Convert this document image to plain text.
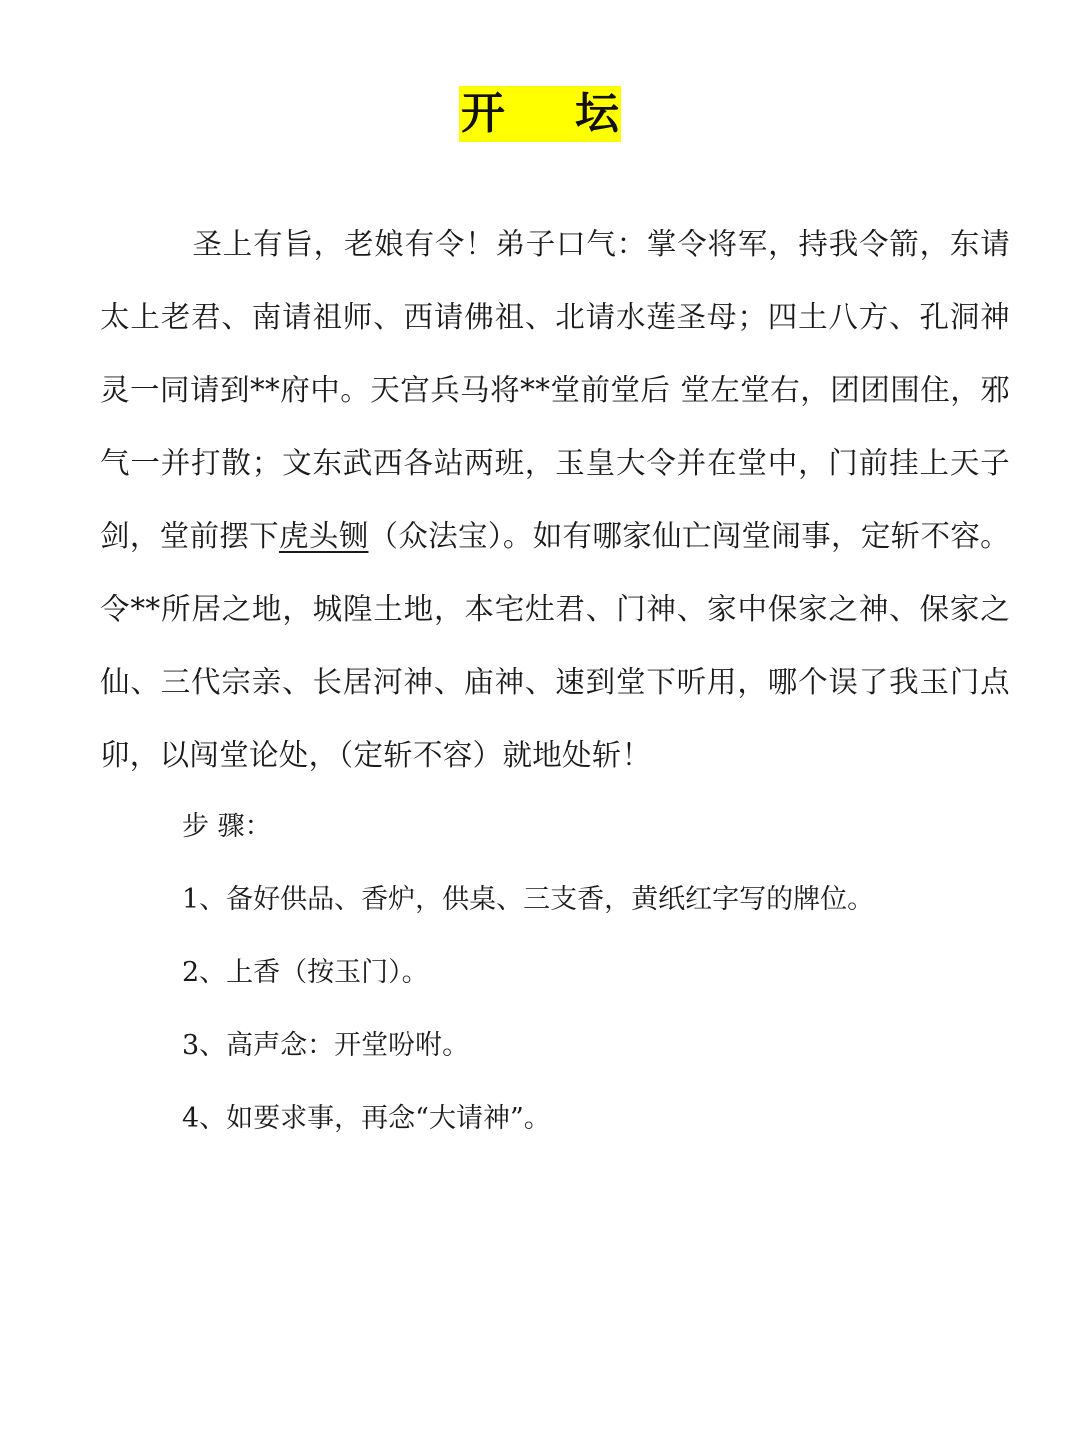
开 坛
圣上有旨，老娘有令！弟子口气：掌令将军，持我令箭，东请太上老君、南请祖师、西请佛祖、北请水莲圣母；四土八方、孔洞神灵一同请到**府中。天宫兵马将**堂前堂后 堂左堂右，团团围住，邪气一并打散；文东武西各站两班，玉皇大令并在堂中，门前挂上天子剑，堂前摆下虎头铡（众法宝）。如有哪家仙亡闯堂闹事，定斩不容。令**所居之地，城隍土地，本宅灶君、门神、家中保家之神、保家之仙、三代宗亲、长居河神、庙神、速到堂下听用，哪个误了我玉门点卯，以闯堂论处，（定斩不容）就地处斩！
步 骤：
1、备好供品、香炉，供桌、三支香，黄纸红字写的牌位。
2、上香（按玉门）。
3、高声念：开堂吩咐。
4、如要求事，再念“大请神”。
